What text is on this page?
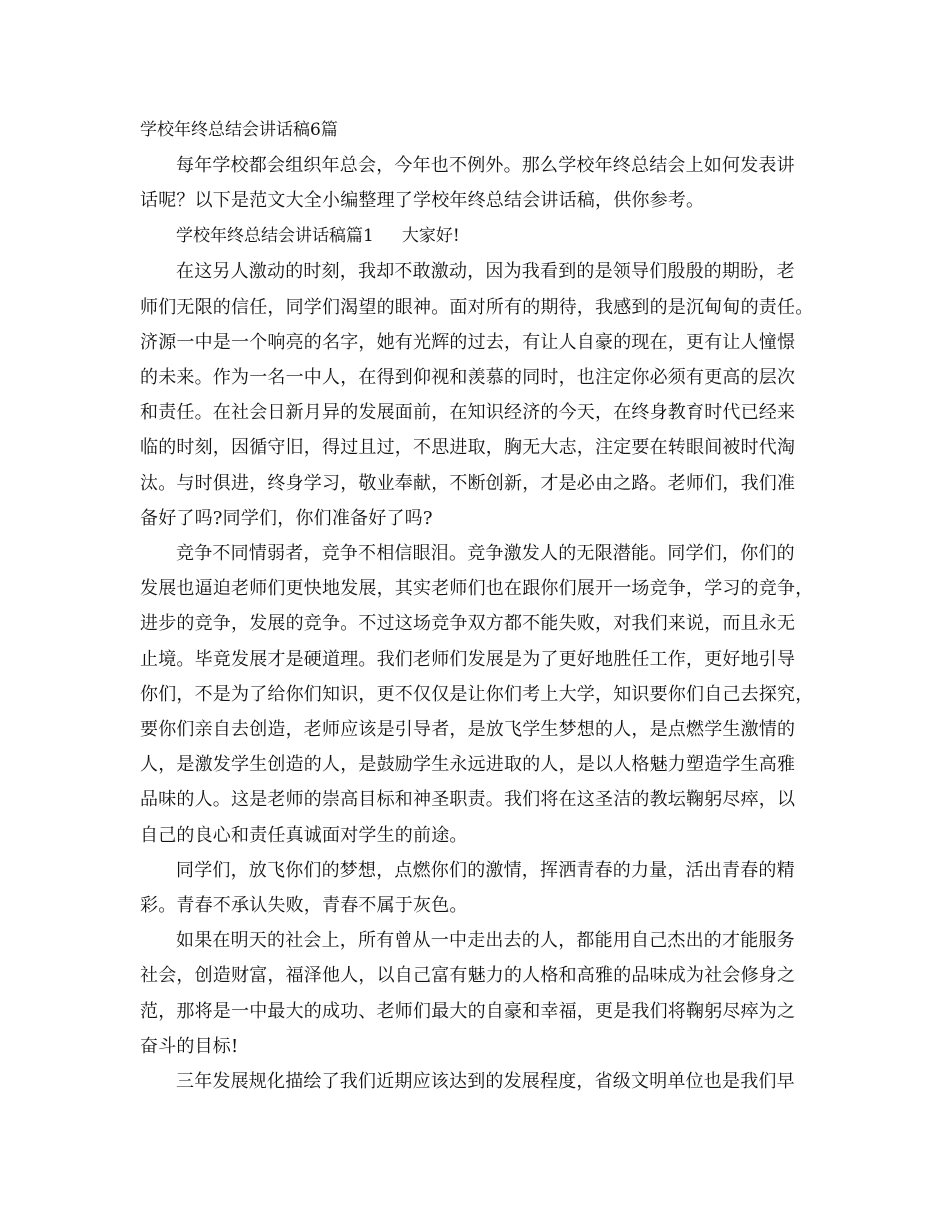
学校年终总结会讲话稿6篇
每年学校都会组织年总会，今年也不例外。那么学校年终总结会上如何发表讲
话呢？以下是范文大全小编整理了学校年终总结会讲话稿，供你参考。
学校年终总结会讲话稿篇1 大家好!
在这另人激动的时刻，我却不敢激动，因为我看到的是领导们殷殷的期盼，老
师们无限的信任，同学们渴望的眼神。面对所有的期待，我感到的是沉甸甸的责任。
济源一中是一个响亮的名字，她有光辉的过去，有让人自豪的现在，更有让人憧憬
的未来。作为一名一中人，在得到仰视和羡慕的同时，也注定你必须有更高的层次
和责任。在社会日新月异的发展面前，在知识经济的今天，在终身教育时代已经来
临的时刻，因循守旧，得过且过，不思进取，胸无大志，注定要在转眼间被时代淘
汰。与时俱进，终身学习，敬业奉献，不断创新，才是必由之路。老师们，我们准
备好了吗?同学们，你们准备好了吗?
竞争不同情弱者，竞争不相信眼泪。竞争激发人的无限潜能。同学们，你们的
发展也逼迫老师们更快地发展，其实老师们也在跟你们展开一场竞争，学习的竞争，
进步的竞争，发展的竞争。不过这场竞争双方都不能失败，对我们来说，而且永无
止境。毕竟发展才是硬道理。我们老师们发展是为了更好地胜任工作，更好地引导
你们，不是为了给你们知识，更不仅仅是让你们考上大学，知识要你们自己去探究，
要你们亲自去创造，老师应该是引导者，是放飞学生梦想的人，是点燃学生激情的
人，是激发学生创造的人，是鼓励学生永远进取的人，是以人格魅力塑造学生高雅
品味的人。这是老师的崇高目标和神圣职责。我们将在这圣洁的教坛鞠躬尽瘁，以
自己的良心和责任真诚面对学生的前途。
同学们，放飞你们的梦想，点燃你们的激情，挥洒青春的力量，活出青春的精
彩。青春不承认失败，青春不属于灰色。
如果在明天的社会上，所有曾从一中走出去的人，都能用自己杰出的才能服务
社会，创造财富，福泽他人，以自己富有魅力的人格和高雅的品味成为社会修身之
范，那将是一中最大的成功、老师们最大的自豪和幸福，更是我们将鞠躬尽瘁为之
奋斗的目标!
三年发展规化描绘了我们近期应该达到的发展程度，省级文明单位也是我们早
